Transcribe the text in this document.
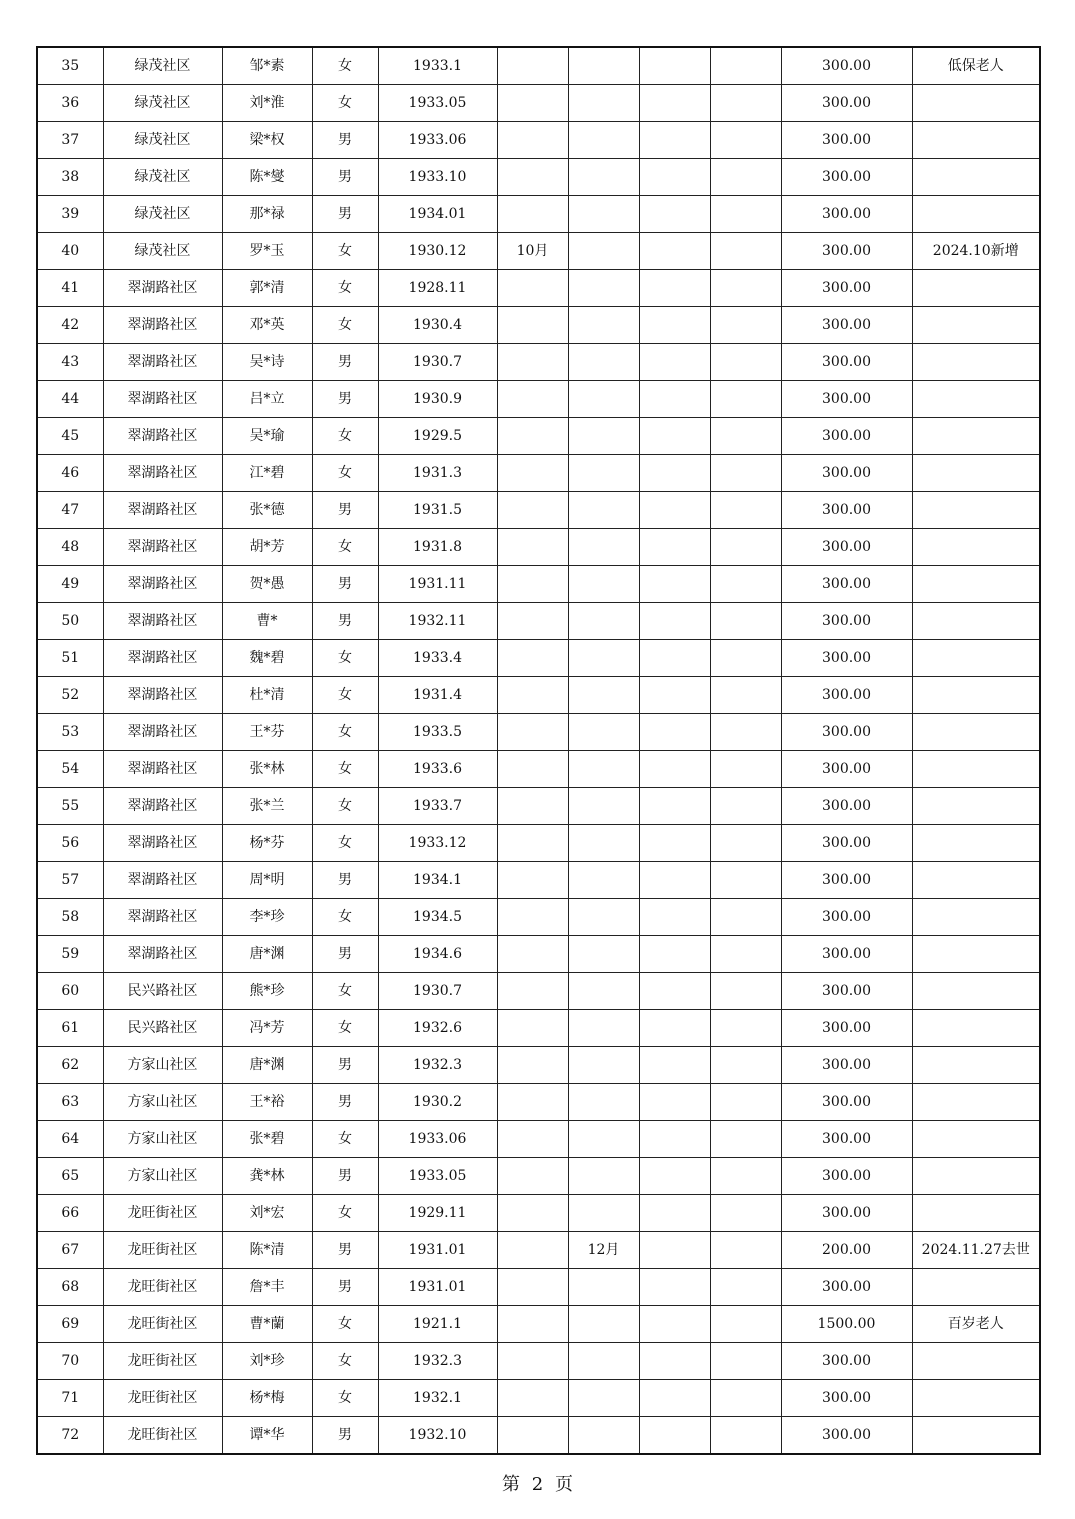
35	绿茂社区	邹*素	女	1933.1					300.00	低保老人
36	绿茂社区	刘*淮	女	1933.05					300.00	
37	绿茂社区	梁*权	男	1933.06					300.00	
38	绿茂社区	陈*燮	男	1933.10					300.00	
39	绿茂社区	那*禄	男	1934.01					300.00	
40	绿茂社区	罗*玉	女	1930.12	10月				300.00	2024.10新增
41	翠湖路社区	郭*清	女	1928.11					300.00	
42	翠湖路社区	邓*英	女	1930.4					300.00	
43	翠湖路社区	吴*诗	男	1930.7					300.00	
44	翠湖路社区	吕*立	男	1930.9					300.00	
45	翠湖路社区	吴*瑜	女	1929.5					300.00	
46	翠湖路社区	江*碧	女	1931.3					300.00	
47	翠湖路社区	张*德	男	1931.5					300.00	
48	翠湖路社区	胡*芳	女	1931.8					300.00	
49	翠湖路社区	贺*愚	男	1931.11					300.00	
50	翠湖路社区	曹*	男	1932.11					300.00	
51	翠湖路社区	魏*碧	女	1933.4					300.00	
52	翠湖路社区	杜*清	女	1931.4					300.00	
53	翠湖路社区	王*芬	女	1933.5					300.00	
54	翠湖路社区	张*林	女	1933.6					300.00	
55	翠湖路社区	张*兰	女	1933.7					300.00	
56	翠湖路社区	杨*芬	女	1933.12					300.00	
57	翠湖路社区	周*明	男	1934.1					300.00	
58	翠湖路社区	李*珍	女	1934.5					300.00	
59	翠湖路社区	唐*渊	男	1934.6					300.00	
60	民兴路社区	熊*珍	女	1930.7					300.00	
61	民兴路社区	冯*芳	女	1932.6					300.00	
62	方家山社区	唐*渊	男	1932.3					300.00	
63	方家山社区	王*裕	男	1930.2					300.00	
64	方家山社区	张*碧	女	1933.06					300.00	
65	方家山社区	龚*林	男	1933.05					300.00	
66	龙旺街社区	刘*宏	女	1929.11					300.00	
67	龙旺街社区	陈*清	男	1931.01		12月			200.00	2024.11.27去世
68	龙旺街社区	詹*丰	男	1931.01					300.00	
69	龙旺街社区	曹*蘭	女	1921.1					1500.00	百岁老人
70	龙旺街社区	刘*珍	女	1932.3					300.00	
71	龙旺街社区	杨*梅	女	1932.1					300.00	
72	龙旺街社区	谭*华	男	1932.10					300.00	
第 2 页
